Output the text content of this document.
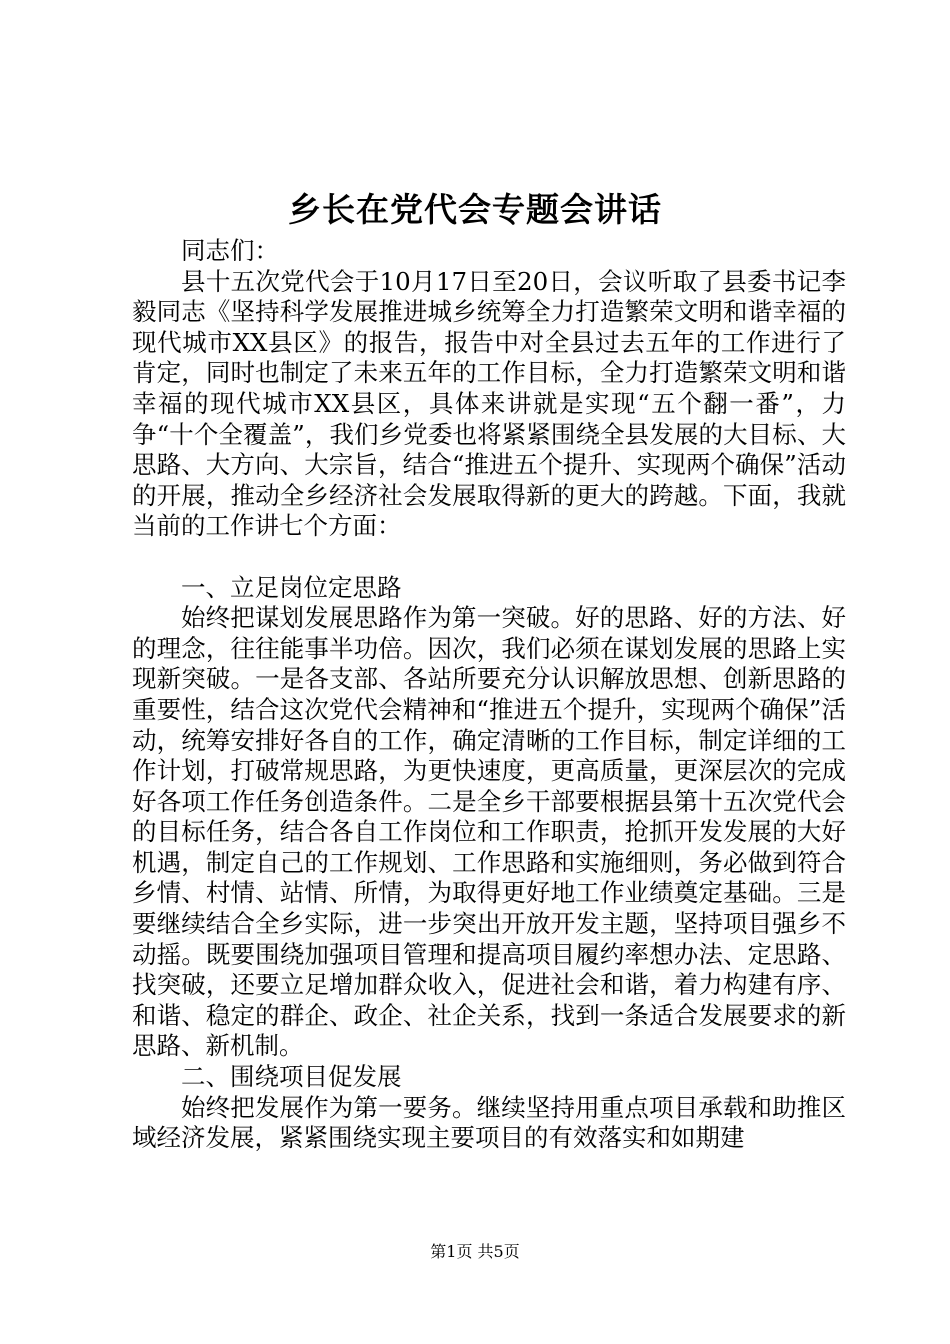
乡长在党代会专题会讲话

同志们：

县十五次党代会于10月17日至20日，会议听取了县委书记李毅同志《坚持科学发展推进城乡统筹全力打造繁荣文明和谐幸福的现代城市XX县区》的报告，报告中对全县过去五年的工作进行了肯定，同时也制定了未来五年的工作目标，全力打造繁荣文明和谐幸福的现代城市XX县区，具体来讲就是实现“五个翻一番”，力争“十个全覆盖”，我们乡党委也将紧紧围绕全县发展的大目标、大思路、大方向、大宗旨，结合“推进五个提升、实现两个确保”活动的开展，推动全乡经济社会发展取得新的更大的跨越。下面，我就当前的工作讲七个方面：

一、立足岗位定思路

始终把谋划发展思路作为第一突破。好的思路、好的方法、好的理念，往往能事半功倍。因次，我们必须在谋划发展的思路上实现新突破。一是各支部、各站所要充分认识解放思想、创新思路的重要性，结合这次党代会精神和“推进五个提升，实现两个确保”活动，统筹安排好各自的工作，确定清晰的工作目标，制定详细的工作计划，打破常规思路，为更快速度，更高质量，更深层次的完成好各项工作任务创造条件。二是全乡干部要根据县第十五次党代会的目标任务，结合各自工作岗位和工作职责，抢抓开发发展的大好机遇，制定自己的工作规划、工作思路和实施细则，务必做到符合乡情、村情、站情、所情，为取得更好地工作业绩奠定基础。三是要继续结合全乡实际，进一步突出开放开发主题，坚持项目强乡不动摇。既要围绕加强项目管理和提高项目履约率想办法、定思路、找突破，还要立足增加群众收入，促进社会和谐，着力构建有序、和谐、稳定的群企、政企、社企关系，找到一条适合发展要求的新思路、新机制。

二、围绕项目促发展

始终把发展作为第一要务。继续坚持用重点项目承载和助推区域经济发展，紧紧围绕实现主要项目的有效落实和如期建

第1页 共5页
